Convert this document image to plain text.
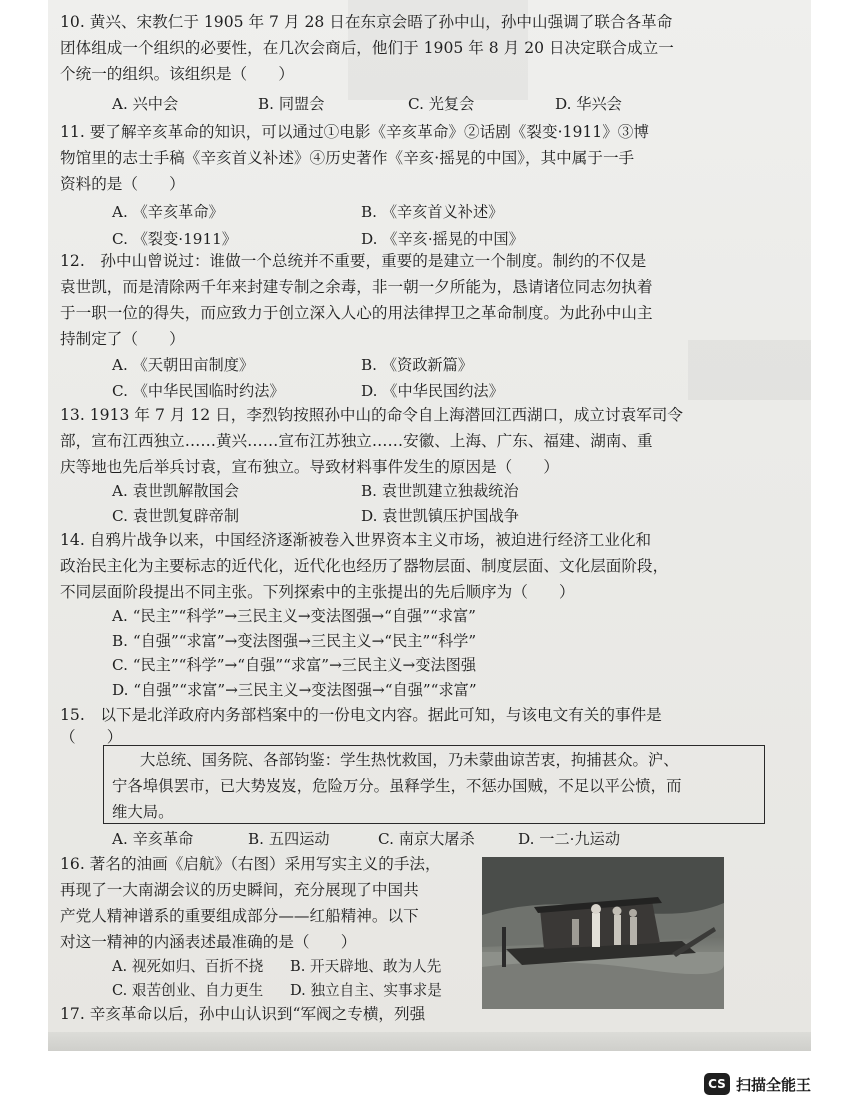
10. 黄兴、宋教仁于 1905 年 7 月 28 日在东京会晤了孙中山，孙中山强调了联合各革命
团体组成一个组织的必要性，在几次会商后，他们于 1905 年 8 月 20 日决定联合成立一
个统一的组织。该组织是（　　）
A. 兴中会	B. 同盟会	C. 光复会	D. 华兴会
11. 要了解辛亥革命的知识，可以通过①电影《辛亥革命》②话剧《裂变·1911》③博
物馆里的志士手稿《辛亥首义补述》④历史著作《辛亥·摇晃的中国》，其中属于一手
资料的是（　　）
A. 《辛亥革命》	B. 《辛亥首义补述》
C. 《裂变·1911》	D. 《辛亥·摇晃的中国》
12.　孙中山曾说过：谁做一个总统并不重要，重要的是建立一个制度。制约的不仅是
袁世凯，而是清除两千年来封建专制之余毒，非一朝一夕所能为，恳请诸位同志勿执着
于一职一位的得失，而应致力于创立深入人心的用法律捍卫之革命制度。为此孙中山主
持制定了（　　）
A. 《天朝田亩制度》	B. 《资政新篇》
C. 《中华民国临时约法》	D. 《中华民国约法》
13. 1913 年 7 月 12 日，李烈钧按照孙中山的命令自上海潜回江西湖口，成立讨袁军司令
部，宣布江西独立……黄兴……宣布江苏独立……安徽、上海、广东、福建、湖南、重
庆等地也先后举兵讨袁，宣布独立。导致材料事件发生的原因是（　　）
A. 袁世凯解散国会	B. 袁世凯建立独裁统治
C. 袁世凯复辟帝制	D. 袁世凯镇压护国战争
14. 自鸦片战争以来，中国经济逐渐被卷入世界资本主义市场，被迫进行经济工业化和
政治民主化为主要标志的近代化，近代化也经历了器物层面、制度层面、文化层面阶段，
不同层面阶段提出不同主张。下列探索中的主张提出的先后顺序为（　　）
A. “民主”“科学”→三民主义→变法图强→“自强”“求富”
B. “自强”“求富”→变法图强→三民主义→“民主”“科学”
C. “民主”“科学”→“自强”“求富”→三民主义→变法图强
D. “自强”“求富”→三民主义→变法图强→“自强”“求富”
15.　以下是北洋政府内务部档案中的一份电文内容。据此可知，与该电文有关的事件是
（　　）
大总统、国务院、各部钧鉴：学生热忱救国，乃未蒙曲谅苦衷，拘捕甚众。沪、
宁各埠俱罢市，已大势岌岌，危险万分。虽释学生，不惩办国贼，不足以平公愤，而
维大局。
A. 辛亥革命	B. 五四运动	C. 南京大屠杀	D. 一二·九运动
16. 著名的油画《启航》（右图）采用写实主义的手法，
再现了一大南湖会议的历史瞬间，充分展现了中国共
产党人精神谱系的重要组成部分——红船精神。以下
对这一精神的内涵表述最准确的是（　　）
A. 视死如归、百折不挠 B. 开天辟地、敢为人先
C. 艰苦创业、自力更生 D. 独立自主、实事求是
17. 辛亥革命以后，孙中山认识到“军阀之专横，列强
CS 扫描全能王
